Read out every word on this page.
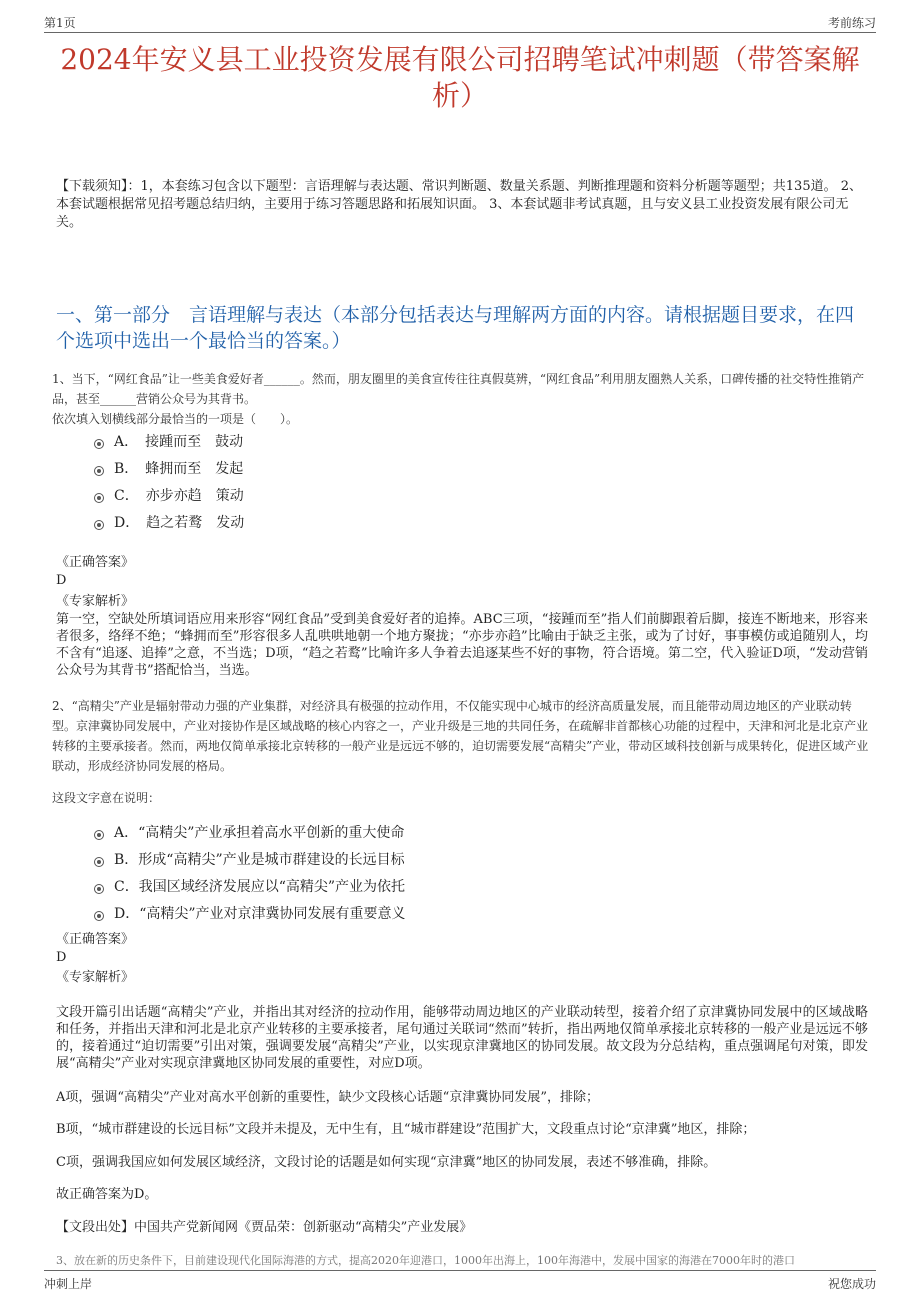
第1页	考前练习
2024年安义县工业投资发展有限公司招聘笔试冲刺题（带答案解析）
【下载须知】：1，本套练习包含以下题型：言语理解与表达题、常识判断题、数量关系题、判断推理题和资料分析题等题型；共135道。 2、本套试题根据常见招考题总结归纳，主要用于练习答题思路和拓展知识面。 3、本套试题非考试真题，且与安义县工业投资发展有限公司无关。
一、第一部分　言语理解与表达（本部分包括表达与理解两方面的内容。请根据题目要求，在四个选项中选出一个最恰当的答案。）
1、当下，“网红食品”让一些美食爱好者______。然而，朋友圈里的美食宣传往往真假莫辨，“网红食品”利用朋友圈熟人关系，口碑传播的社交特性推销产品，甚至______营销公众号为其背书。
依次填入划横线部分最恰当的一项是（　　）。
A．　接踵而至　鼓动
B．　蜂拥而至　发起
C．　亦步亦趋　策动
D．　趋之若鹜　发动
《正确答案》
D
《专家解析》
第一空，空缺处所填词语应用来形容“网红食品”受到美食爱好者的追捧。ABC三项，“接踵而至”指人们前脚跟着后脚，接连不断地来，形容来者很多，络绎不绝；“蜂拥而至”形容很多人乱哄哄地朝一个地方聚拢；“亦步亦趋”比喻由于缺乏主张，或为了讨好，事事模仿或追随别人，均不含有“追逐、追捧”之意，不当选；D项，“趋之若鹜”比喻许多人争着去追逐某些不好的事物，符合语境。第二空，代入验证D项，“发动营销公众号为其背书”搭配恰当，当选。
2、“高精尖”产业是辐射带动力强的产业集群，对经济具有极强的拉动作用，不仅能实现中心城市的经济高质量发展，而且能带动周边地区的产业联动转型。京津冀协同发展中，产业对接协作是区域战略的核心内容之一，产业升级是三地的共同任务，在疏解非首都核心功能的过程中，天津和河北是北京产业转移的主要承接者。然而，两地仅简单承接北京转移的一般产业是远远不够的，迫切需要发展“高精尖”产业，带动区域科技创新与成果转化，促进区域产业联动，形成经济协同发展的格局。
这段文字意在说明：
A．“高精尖”产业承担着高水平创新的重大使命
B．形成“高精尖”产业是城市群建设的长远目标
C．我国区域经济发展应以“高精尖”产业为依托
D．“高精尖”产业对京津冀协同发展有重要意义
《正确答案》
D
《专家解析》
文段开篇引出话题“高精尖”产业，并指出其对经济的拉动作用，能够带动周边地区的产业联动转型，接着介绍了京津冀协同发展中的区域战略和任务，并指出天津和河北是北京产业转移的主要承接者，尾句通过关联词“然而”转折，指出两地仅简单承接北京转移的一般产业是远远不够的，接着通过“迫切需要”引出对策，强调要发展“高精尖”产业，以实现京津冀地区的协同发展。故文段为分总结构，重点强调尾句对策，即发展“高精尖”产业对实现京津冀地区协同发展的重要性，对应D项。
A项，强调“高精尖”产业对高水平创新的重要性，缺少文段核心话题“京津冀协同发展”，排除；
B项，“城市群建设的长远目标”文段并未提及，无中生有，且“城市群建设”范围扩大，文段重点讨论“京津冀”地区，排除；
C项，强调我国应如何发展区域经济，文段讨论的话题是如何实现“京津冀”地区的协同发展，表述不够准确，排除。
故正确答案为D。
【文段出处】中国共产党新闻网《贾品荣：创新驱动“高精尖”产业发展》
3、放在新的历史条件下，目前建设现代化国际海港的方式，提高2020年迎港口，1000年出海上，100年海港中，发展中国家的海港在7000年时的港口
冲刺上岸	祝您成功
